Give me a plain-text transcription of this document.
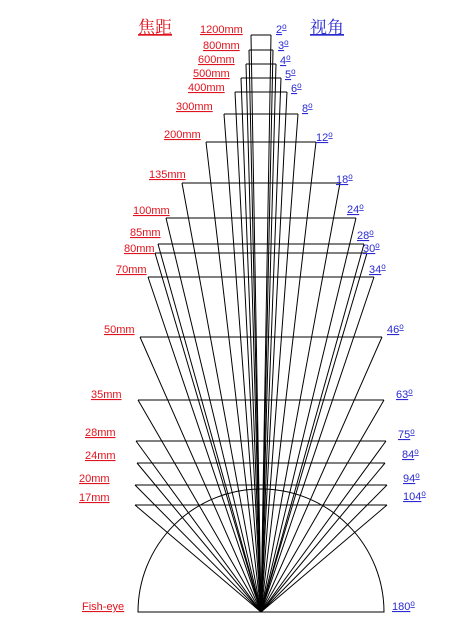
焦距	视角
1200mm
800mm
600mm
500mm
400mm
300mm
200mm
135mm
100mm
85mm
80mm
70mm
50mm
35mm
28mm
24mm
20mm
17mm
Fish-eye
2$^o$
3$^o$
4$^o$
5$^o$
6$^o$
8$^o$
12$^o$
18$^o$
24$^o$
28$^o$
30$^o$
34$^o$
46$^o$
63$^o$
75$^o$
84$^o$
94$^o$
104$^o$
180$^o$
